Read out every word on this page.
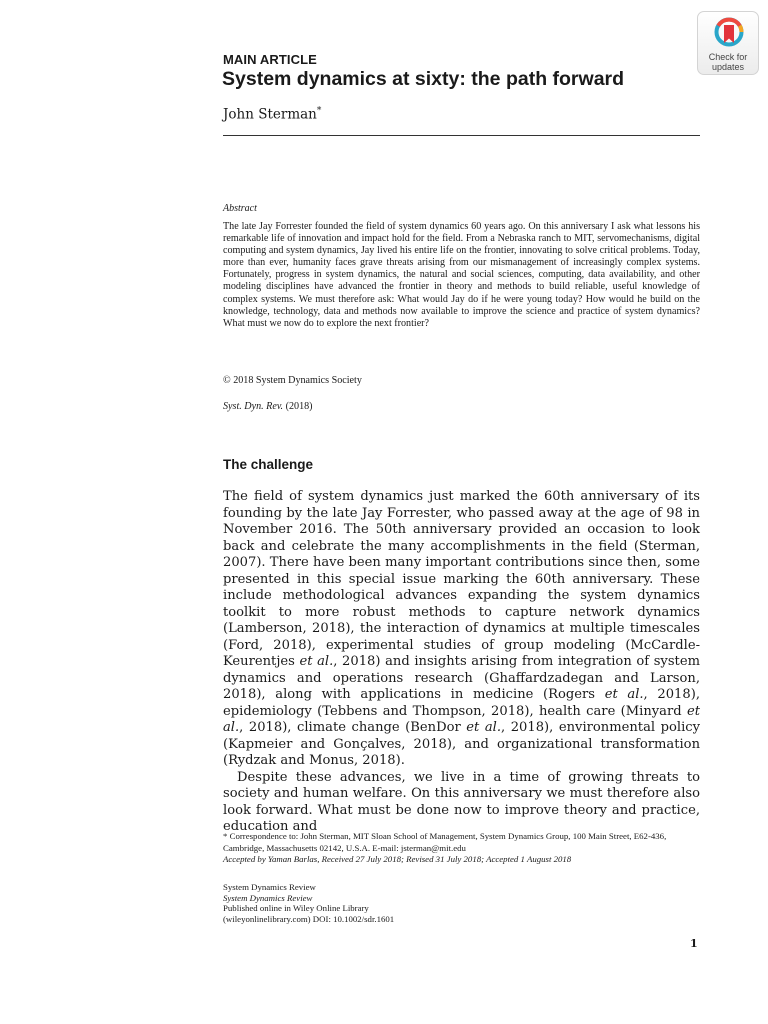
MAIN ARTICLE
System dynamics at sixty: the path forward
John Sterman*
Check for
updates
Abstract
The late Jay Forrester founded the field of system dynamics 60 years ago. On this anniversary I ask what lessons his remarkable life of innovation and impact hold for the field. From a Nebraska ranch to MIT, servomechanisms, digital computing and system dynamics, Jay lived his entire life on the frontier, innovating to solve critical problems. Today, more than ever, humanity faces grave threats arising from our mismanagement of increasingly complex systems. Fortunately, progress in system dynamics, the natural and social sciences, computing, data availability, and other modeling disciplines have advanced the frontier in theory and methods to build reliable, useful knowledge of complex systems. We must therefore ask: What would Jay do if he were young today? How would he build on the knowledge, technology, data and methods now available to improve the science and practice of system dynamics? What must we now do to explore the next frontier?
© 2018 System Dynamics Society
Syst. Dyn. Rev. (2018)
The challenge

The field of system dynamics just marked the 60th anniversary of its founding by the late Jay Forrester, who passed away at the age of 98 in November 2016. The 50th anniversary provided an occasion to look back and celebrate the many accomplishments in the field (Sterman, 2007). There have been many important contributions since then, some presented in this special issue marking the 60th anniversary. These include methodological advances expanding the system dynamics toolkit to more robust methods to capture network dynamics (Lamberson, 2018), the interaction of dynamics at multiple timescales (Ford, 2018), experimental studies of group modeling (McCardle-Keurentjes et al., 2018) and insights arising from integration of system dynamics and operations research (Ghaffardzadegan and Larson, 2018), along with applications in medicine (Rogers et al., 2018), epidemiology (Tebbens and Thompson, 2018), health care (Minyard et al., 2018), climate change (BenDor et al., 2018), environmental policy (Kapmeier and Gonçalves, 2018), and organizational transformation (Rydzak and Monus, 2018).

Despite these advances, we live in a time of growing threats to society and human welfare. On this anniversary we must therefore also look forward. What must be done now to improve theory and practice, education and

* Correspondence to: John Sterman, MIT Sloan School of Management, System Dynamics Group, 100 Main Street, E62-436, Cambridge, Massachusetts 02142, U.S.A. E-mail: jsterman@mit.edu
Accepted by Yaman Barlas, Received 27 July 2018; Revised 31 July 2018; Accepted 1 August 2018
System Dynamics Review
System Dynamics Review
Published online in Wiley Online Library
(wileyonlinelibrary.com) DOI: 10.1002/sdr.1601
1
